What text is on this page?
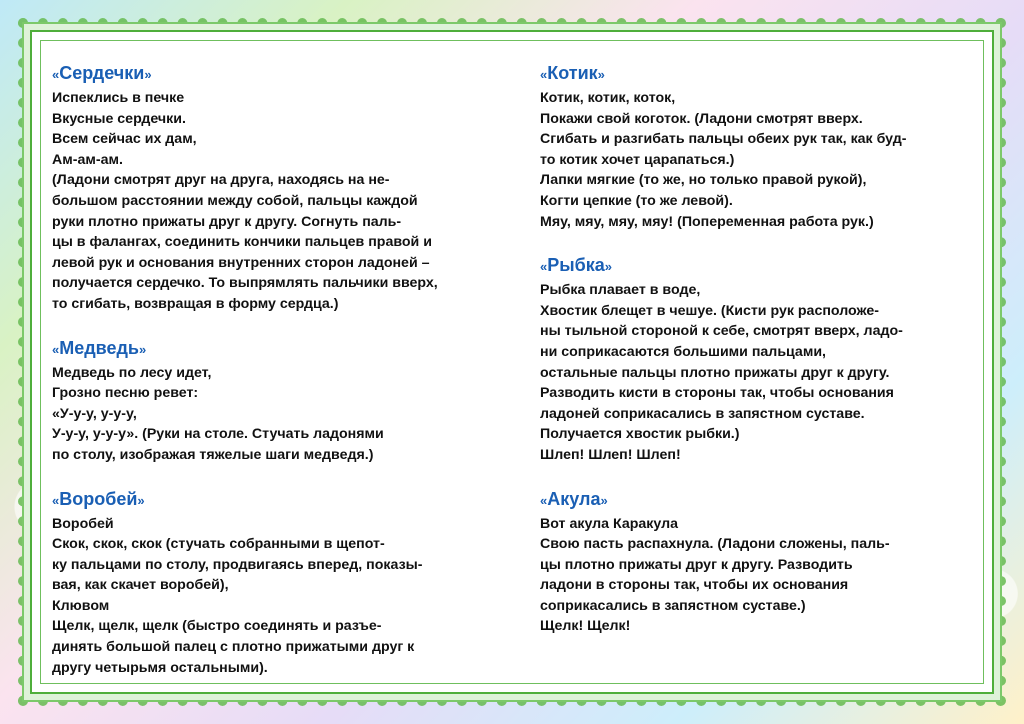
«Сердечки»
Испеклись в печке
Вкусные сердечки.
Всем сейчас их дам,
Ам-ам-ам.
(Ладони смотрят друг на друга, находясь на не-
большом расстоянии между собой, пальцы каждой
руки плотно прижаты друг к другу. Согнуть паль-
цы в фалангах, соединить кончики пальцев правой и
левой рук и основания внутренних сторон ладоней –
получается сердечко. То выпрямлять пальчики вверх,
то сгибать, возвращая в форму сердца.)
«Медведь»
Медведь по лесу идет,
Грозно песню ревет:
«У-у-у, у-у-у,
У-у-у, у-у-у». (Руки на столе. Стучать ладонями
по столу, изображая тяжелые шаги медведя.)
«Воробей»
Воробей
Скок, скок, скок (стучать собранными в щепот-
ку пальцами по столу, продвигаясь вперед, показы-
вая, как скачет воробей),
Клювом
Щелк, щелк, щелк (быстро соединять и разъе-
динять большой палец с плотно прижатыми друг к
другу четырьмя остальными).
«Котик»
Котик, котик, коток,
Покажи свой коготок. (Ладони смотрят вверх.
Сгибать и разгибать пальцы обеих рук так, как буд-
то котик хочет царапаться.)
Лапки мягкие (то же, но только правой рукой),
Когти цепкие (то же левой).
Мяу, мяу, мяу, мяу! (Попеременная работа рук.)
«Рыбка»
Рыбка плавает в воде,
Хвостик блещет в чешуе. (Кисти рук расположе-
ны тыльной стороной к себе, смотрят вверх, ладо-
ни соприкасаются большими пальцами,
остальные пальцы плотно прижаты друг к другу.
Разводить кисти в стороны так, чтобы основания
ладоней соприкасались в запястном суставе.
Получается хвостик рыбки.)
Шлеп! Шлеп! Шлеп!
«Акула»
Вот акула Каракула
Свою пасть распахнула. (Ладони сложены, паль-
цы плотно прижаты друг к другу. Разводить
ладони в стороны так, чтобы их основания
соприкасались в запястном суставе.)
Щелк! Щелк!
